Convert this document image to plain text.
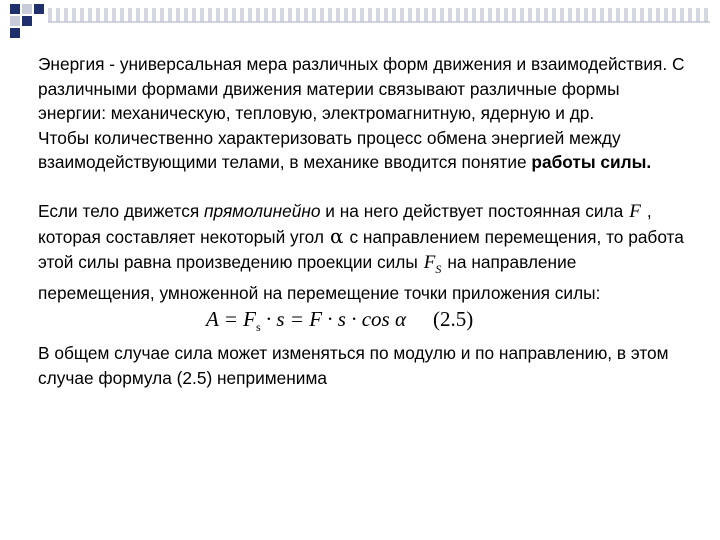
Энергия - универсальная мера различных форм движения и взаимодействия. С различными формами движения материи связывают различные формы энергии: механическую, тепловую, электромагнитную, ядерную и др.

Чтобы количественно характеризовать процесс обмена энергией между взаимодействующими телами, в механике вводится понятие работы силы.

Если тело движется прямолинейно и на него действует постоянная сила F , которая составляет некоторый угол α с направлением перемещения, то работа этой силы равна произведению проекции силы $F_S$ на направление перемещения, умноженной на перемещение точки приложения силы:

$A = F_s \cdot s = F \cdot s \cdot \cos \alpha$ (2.5)

В общем случае сила может изменяться по модулю и по направлению, в этом случае формула (2.5) неприменима
